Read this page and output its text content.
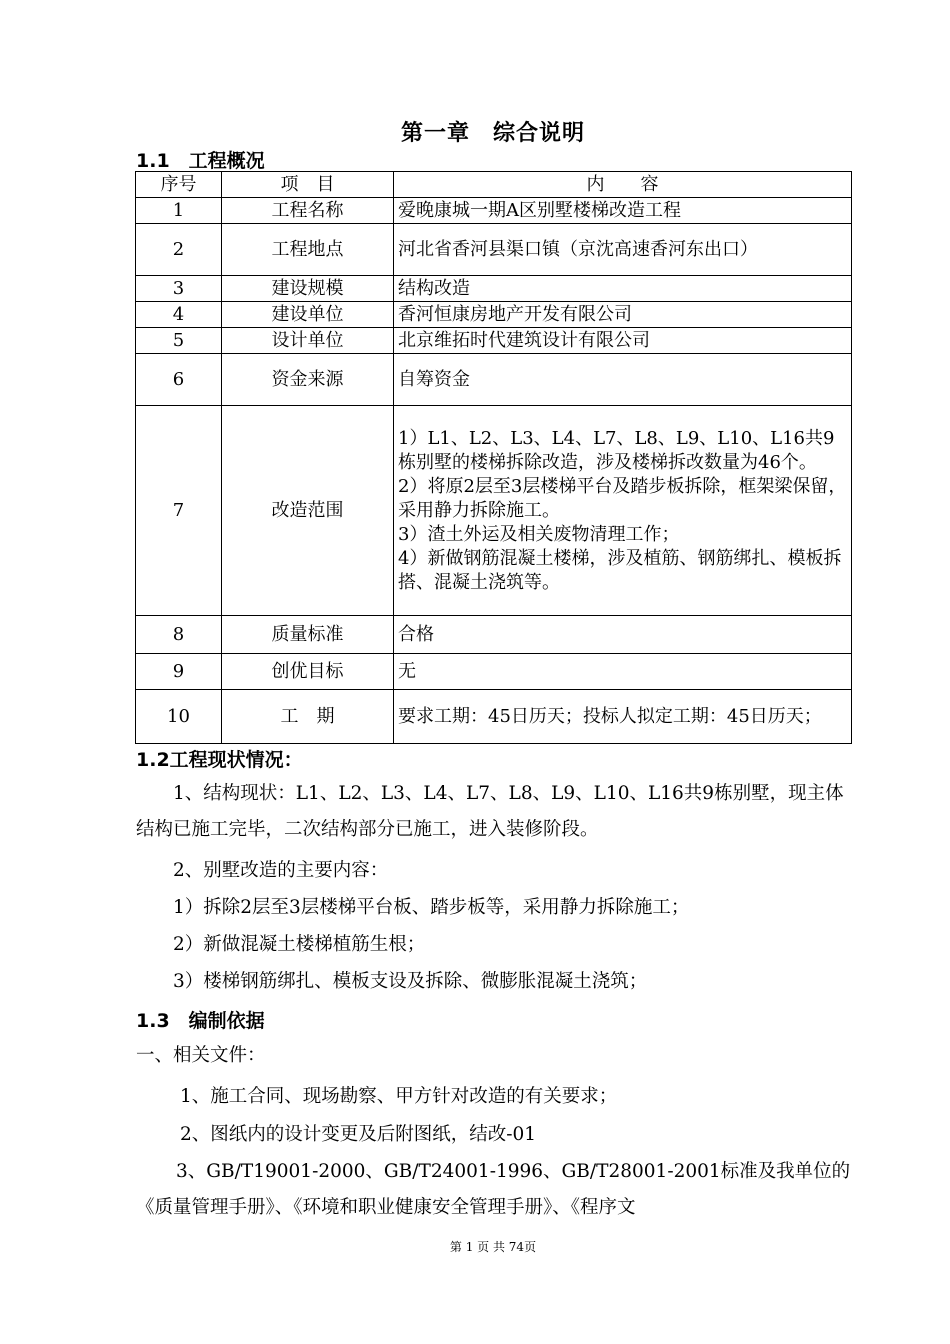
第一章　综合说明
1.1　工程概况
序号	项　目	内　　容
1	工程名称	爱晚康城一期A区别墅楼梯改造工程
2	工程地点	河北省香河县渠口镇（京沈高速香河东出口）
3	建设规模	结构改造
4	建设单位	香河恒康房地产开发有限公司
5	设计单位	北京维拓时代建筑设计有限公司
6	资金来源	自筹资金
7	改造范围	1）L1、L2、L3、L4、L7、L8、L9、L10、L16共9栋别墅的楼梯拆除改造，涉及楼梯拆改数量为46个。
2）将原2层至3层楼梯平台及踏步板拆除，框架梁保留，采用静力拆除施工。
3）渣土外运及相关废物清理工作；
4）新做钢筋混凝土楼梯，涉及植筋、钢筋绑扎、模板拆搭、混凝土浇筑等。

8	质量标准	合格
9	创优目标	无
10	工　期	要求工期：45日历天；投标人拟定工期：45日历天；
1.2工程现状情况：
1、结构现状：L1、L2、L3、L4、L7、L8、L9、L10、L16共9栋别墅，现主体结构已施工完毕，二次结构部分已施工，进入装修阶段。
2、别墅改造的主要内容：
1）拆除2层至3层楼梯平台板、踏步板等，采用静力拆除施工；
2）新做混凝土楼梯植筋生根；
3）楼梯钢筋绑扎、模板支设及拆除、微膨胀混凝土浇筑；
1.3　编制依据
一、相关文件：
1、施工合同、现场勘察、甲方针对改造的有关要求；
2、图纸内的设计变更及后附图纸，结改-01
3、GB/T19001-2000、GB/T24001-1996、GB/T28001-2001标准及我单位的《质量管理手册》、《环境和职业健康安全管理手册》、《程序文
第 1 页 共 74页
